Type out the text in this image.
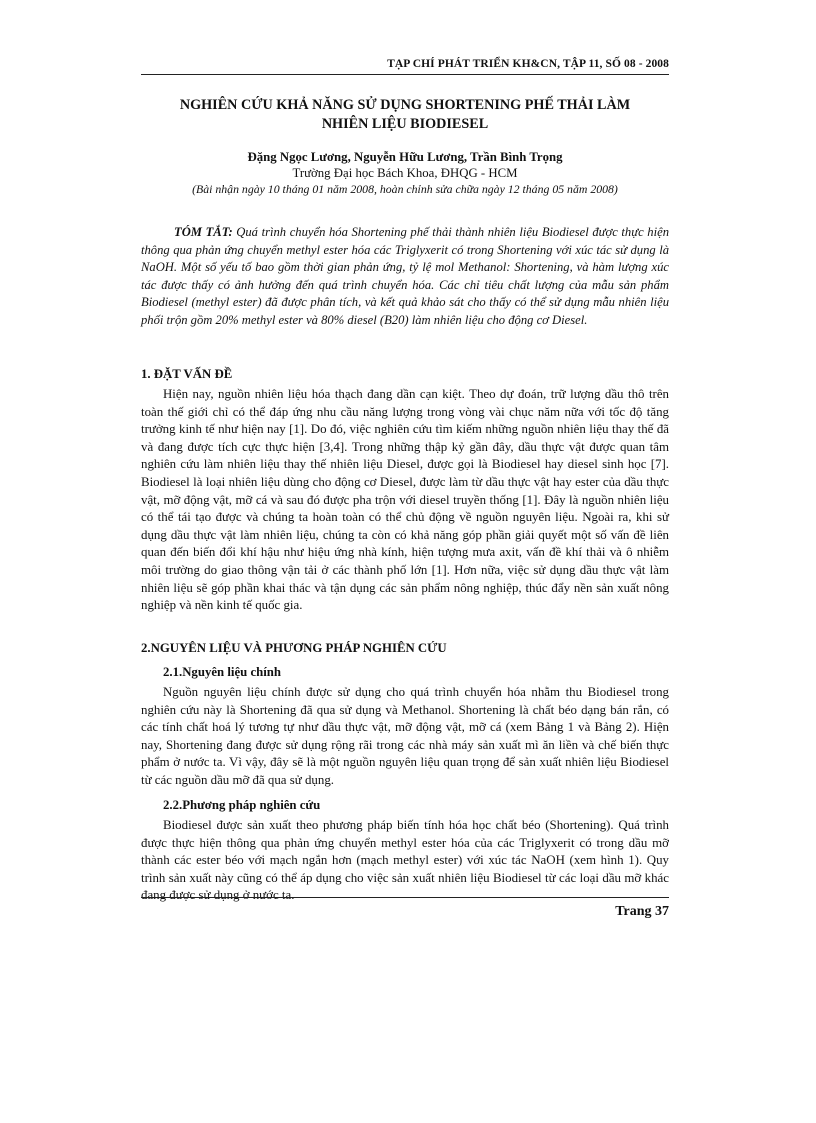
TẠP CHÍ PHÁT TRIỂN KH&CN, TẬP 11, SỐ 08 - 2008
NGHIÊN CỨU KHẢ NĂNG SỬ DỤNG SHORTENING PHẾ THẢI LÀM
NHIÊN LIỆU BIODIESEL
Đặng Ngọc Lương, Nguyễn Hữu Lương, Trần Bình Trọng
Trường Đại học Bách Khoa, ĐHQG - HCM
(Bài nhận ngày 10 tháng 01 năm 2008, hoàn chỉnh sửa chữa ngày 12 tháng 05 năm 2008)

TÓM TẮT: Quá trình chuyển hóa Shortening phế thải thành nhiên liệu Biodiesel được thực hiện thông qua phản ứng chuyển methyl ester hóa các Triglyxerit có trong Shortening với xúc tác sử dụng là NaOH. Một số yếu tố bao gồm thời gian phản ứng, tỷ lệ mol Methanol: Shortening, và hàm lượng xúc tác được thấy có ảnh hưởng đến quá trình chuyển hóa. Các chỉ tiêu chất lượng của mẫu sản phẩm Biodiesel (methyl ester) đã được phân tích, và kết quả khảo sát cho thấy có thể sử dụng mẫu nhiên liệu phối trộn gồm 20% methyl ester và 80% diesel (B20) làm nhiên liệu cho động cơ Diesel.

1. ĐẶT VẤN ĐỀ

Hiện nay, nguồn nhiên liệu hóa thạch đang dần cạn kiệt. Theo dự đoán, trữ lượng dầu thô trên toàn thế giới chỉ có thể đáp ứng nhu cầu năng lượng trong vòng vài chục năm nữa với tốc độ tăng trưởng kinh tế như hiện nay [1]. Do đó, việc nghiên cứu tìm kiếm những nguồn nhiên liệu thay thế đã và đang được tích cực thực hiện [3,4]. Trong những thập kỷ gần đây, dầu thực vật được quan tâm nghiên cứu làm nhiên liệu thay thế nhiên liệu Diesel, được gọi là Biodiesel hay diesel sinh học [7]. Biodiesel là loại nhiên liệu dùng cho động cơ Diesel, được làm từ dầu thực vật hay ester của dầu thực vật, mỡ động vật, mỡ cá và sau đó được pha trộn với diesel truyền thống [1]. Đây là nguồn nhiên liệu có thể tái tạo được và chúng ta hoàn toàn có thể chủ động về nguồn nguyên liệu. Ngoài ra, khi sử dụng dầu thực vật làm nhiên liệu, chúng ta còn có khả năng góp phần giải quyết một số vấn đề liên quan đến biến đổi khí hậu như hiệu ứng nhà kính, hiện tượng mưa axit, vấn đề khí thải và ô nhiễm môi trường do giao thông vận tải ở các thành phố lớn [1]. Hơn nữa, việc sử dụng dầu thực vật làm nhiên liệu sẽ góp phần khai thác và tận dụng các sản phẩm nông nghiệp, thúc đẩy nền sản xuất nông nghiệp và nền kinh tế quốc gia.

2.NGUYÊN LIỆU VÀ PHƯƠNG PHÁP NGHIÊN CỨU
2.1.Nguyên liệu chính

Nguồn nguyên liệu chính được sử dụng cho quá trình chuyển hóa nhằm thu Biodiesel trong nghiên cứu này là Shortening đã qua sử dụng và Methanol. Shortening là chất béo dạng bán rắn, có các tính chất hoá lý tương tự như dầu thực vật, mỡ động vật, mỡ cá (xem Bảng 1 và Bảng 2). Hiện nay, Shortening đang được sử dụng rộng rãi trong các nhà máy sản xuất mì ăn liền và chế biến thực phẩm ở nước ta. Vì vậy, đây sẽ là một nguồn nguyên liệu quan trọng để sản xuất nhiên liệu Biodiesel từ các nguồn dầu mỡ đã qua sử dụng.

2.2.Phương pháp nghiên cứu

Biodiesel được sản xuất theo phương pháp biến tính hóa học chất béo (Shortening). Quá trình được thực hiện thông qua phản ứng chuyển methyl ester hóa của các Triglyxerit có trong dầu mỡ thành các ester béo với mạch ngắn hơn (mạch methyl ester) với xúc tác NaOH (xem hình 1). Quy trình sản xuất này cũng có thể áp dụng cho việc sản xuất nhiên liệu Biodiesel từ các loại dầu mỡ khác đang được sử dụng ở nước ta.

Trang 37
